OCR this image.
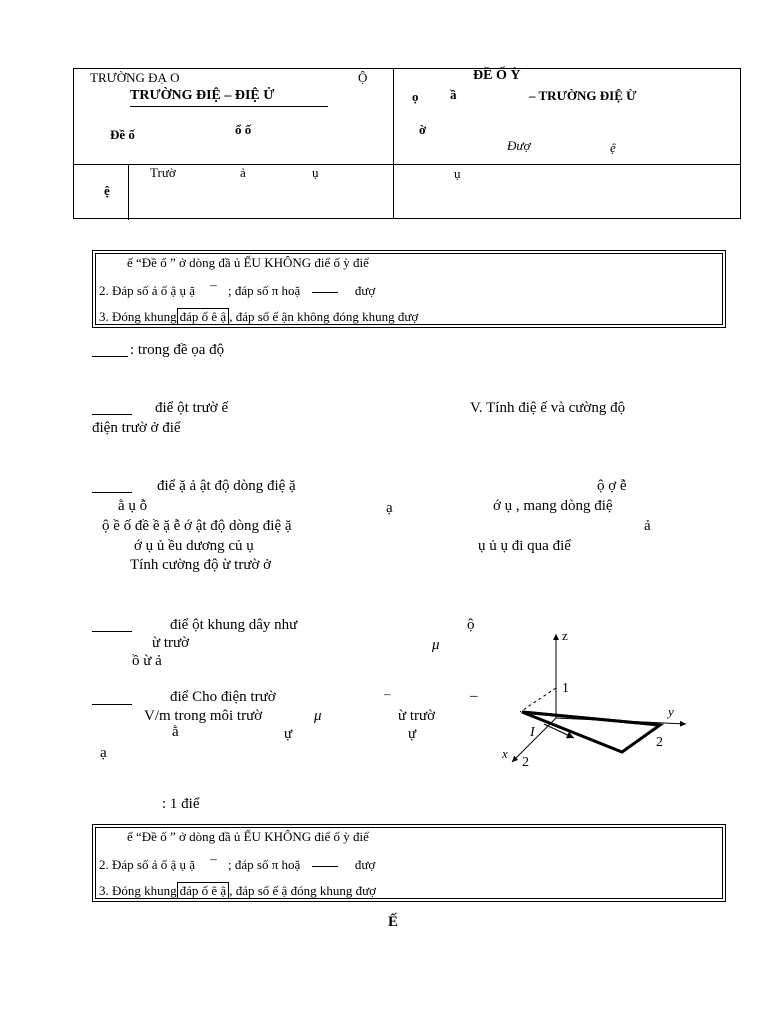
TRƯỜNG ĐẠ O	Ộ
TRƯỜNG ĐIỆ – ĐIỆ Ử
Đề ố	ổ ố
ĐỀ Ố Ỳ
ọ ầ	– TRƯỜNG ĐIỆ Ừ
ờ
Đượ	ệ
ệ
Trườ	ả	ụ	ụ
ế “Đề ố ” ở dòng đầ ủ ẾU KHÔNG điể ố ỳ điể
2. Đáp số ả ố ậ ụ ặ – ; đáp số π hoặ	đượ
3. Đóng khung đáp ố ê ậ , đáp số ế ận không đóng khung đượ
: trong đề ọa độ
điể ột trườ ế	V. Tính điệ ế và cường độ
điện trườ ở điể
điể ặ ả ật độ dòng điệ ặ	ộ ợ ễ
ằ ụ ỗ	ạ	ớ ụ , mang dòng điệ
ộ ề ố đề ề ặ ễ ớ ật độ dòng điệ ặ	ả
ớ ụ ủ ều dương củ ụ	ụ ủ ụ đi qua điể
Tính cường độ ừ trườ ở
điể ột khung dây như	ộ
ừ trườ	μ
ồ ừ ả
điể Cho điện trườ	–	–
V/m trong môi trườ	μ	ừ trườ
ằ	ự	ự
ạ
z
y
x
1
2
2
I
: 1 điể
ế “Đề ố ” ở dòng đầ ủ ẾU KHÔNG điể ố ỳ điể
2. Đáp số ả ố ậ ụ ặ – ; đáp số π hoặ	đượ
3. Đóng khung đáp ố ê ậ , đáp số ế ậ đóng khung đượ
Ế
